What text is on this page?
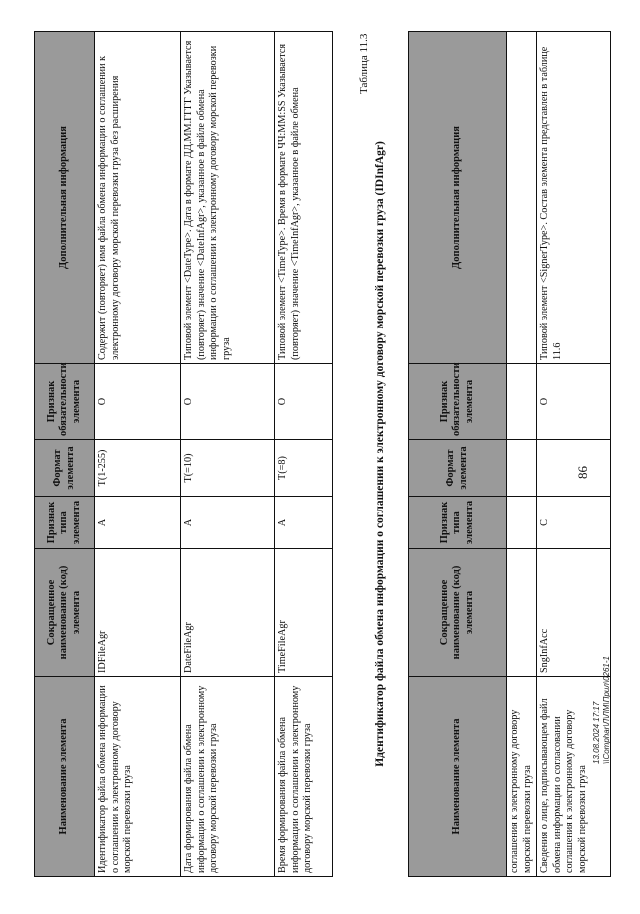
86
13.08.2024 17:17 \\Comphar\Л\ЛМ\Прил\0261-1
Наименование элемента	Сокращенное наименование (код) элемента	Признак типа элемента	Формат элемента	Признак обязательности элемента	Дополнительная информация
соглашения к электронному договору морской перевозки груза					
Сведения о лице, подписывающем файл обмена информации о согласовании соглашения к электронному договору морской перевозки груза	SngInfAcc	С		О	Типовой элемент <SignerType>. Состав элемента представлен в таблице 11.6
Таблица 11.3
Идентификатор файла обмена информации о соглашении к электронному договору морской перевозки груза (IDInfAgr)
Наименование элемента	Сокращенное наименование (код) элемента	Признак типа элемента	Формат элемента	Признак обязательности элемента	Дополнительная информация
Идентификатор файла обмена информации о соглашении к электронному договору морской перевозки груза	IDFileAgr	А	T(1-255)	О	Содержит (повторяет) имя файла обмена информации о соглашении к электронному договору морской перевозки груза без расширения
Дата формирования файла обмена информации о соглашении к электронному договору морской перевозки груза	DateFileAgr	А	T(=10)	О	Типовой элемент <DateType>. Дата в формате ДД.ММ.ГГГГ Указывается (повторяет) значение <DateInfAgr>, указанное в файле обмена информации о соглашении к электронному договору морской перевозки груза
Время формирования файла обмена информации о соглашении к электронному договору морской перевозки груза	TimeFileAgr	А	T(=8)	О	Типовой элемент <TimeType>. Время в формате ЧЧ:ММ:SS Указывается (повторяет) значение <TimeInfAgr>, указанное в файле обмена
